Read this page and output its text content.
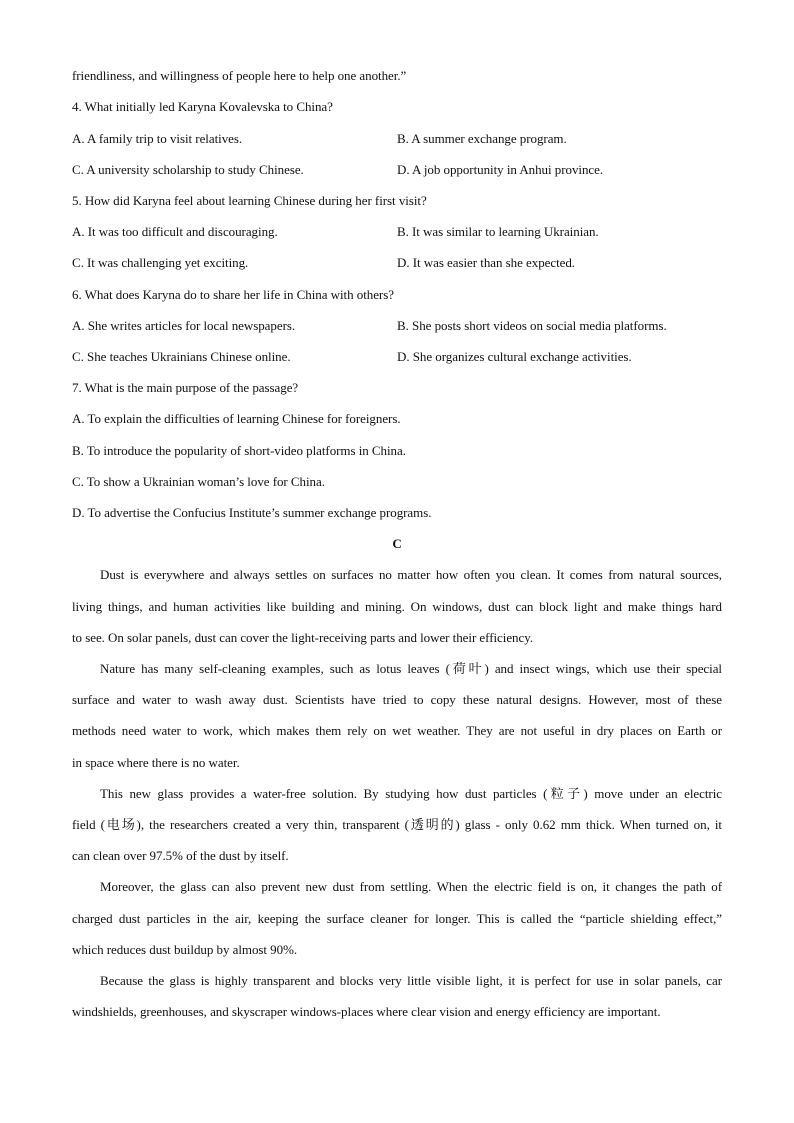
friendliness, and willingness of people here to help one another.”
4. What initially led Karyna Kovalevska to China?
A. A family trip to visit relatives.	B. A summer exchange program.
C. A university scholarship to study Chinese.	D. A job opportunity in Anhui province.
5. How did Karyna feel about learning Chinese during her first visit?
A. It was too difficult and discouraging.	B. It was similar to learning Ukrainian.
C. It was challenging yet exciting.	D. It was easier than she expected.
6. What does Karyna do to share her life in China with others?
A. She writes articles for local newspapers.	B. She posts short videos on social media platforms.
C. She teaches Ukrainians Chinese online.	D. She organizes cultural exchange activities.
7. What is the main purpose of the passage?
A. To explain the difficulties of learning Chinese for foreigners.
B. To introduce the popularity of short-video platforms in China.
C. To show a Ukrainian woman’s love for China.
D. To advertise the Confucius Institute’s summer exchange programs.
C
Dust is everywhere and always settles on surfaces no matter how often you clean. It comes from natural sources,
living things, and human activities like building and mining. On windows, dust can block light and make things hard
to see. On solar panels, dust can cover the light-receiving parts and lower their efficiency.
Nature has many self-cleaning examples, such as lotus leaves (荷叶) and insect wings, which use their special
surface and water to wash away dust. Scientists have tried to copy these natural designs. However, most of these
methods need water to work, which makes them rely on wet weather. They are not useful in dry places on Earth or
in space where there is no water.
This new glass provides a water-free solution. By studying how dust particles (粒子) move under an electric
field (电场), the researchers created a very thin, transparent (透明的) glass - only 0.62 mm thick. When turned on, it
can clean over 97.5% of the dust by itself.
Moreover, the glass can also prevent new dust from settling. When the electric field is on, it changes the path of
charged dust particles in the air, keeping the surface cleaner for longer. This is called the “particle shielding effect,”
which reduces dust buildup by almost 90%.
Because the glass is highly transparent and blocks very little visible light, it is perfect for use in solar panels, car
windshields, greenhouses, and skyscraper windows-places where clear vision and energy efficiency are important.
